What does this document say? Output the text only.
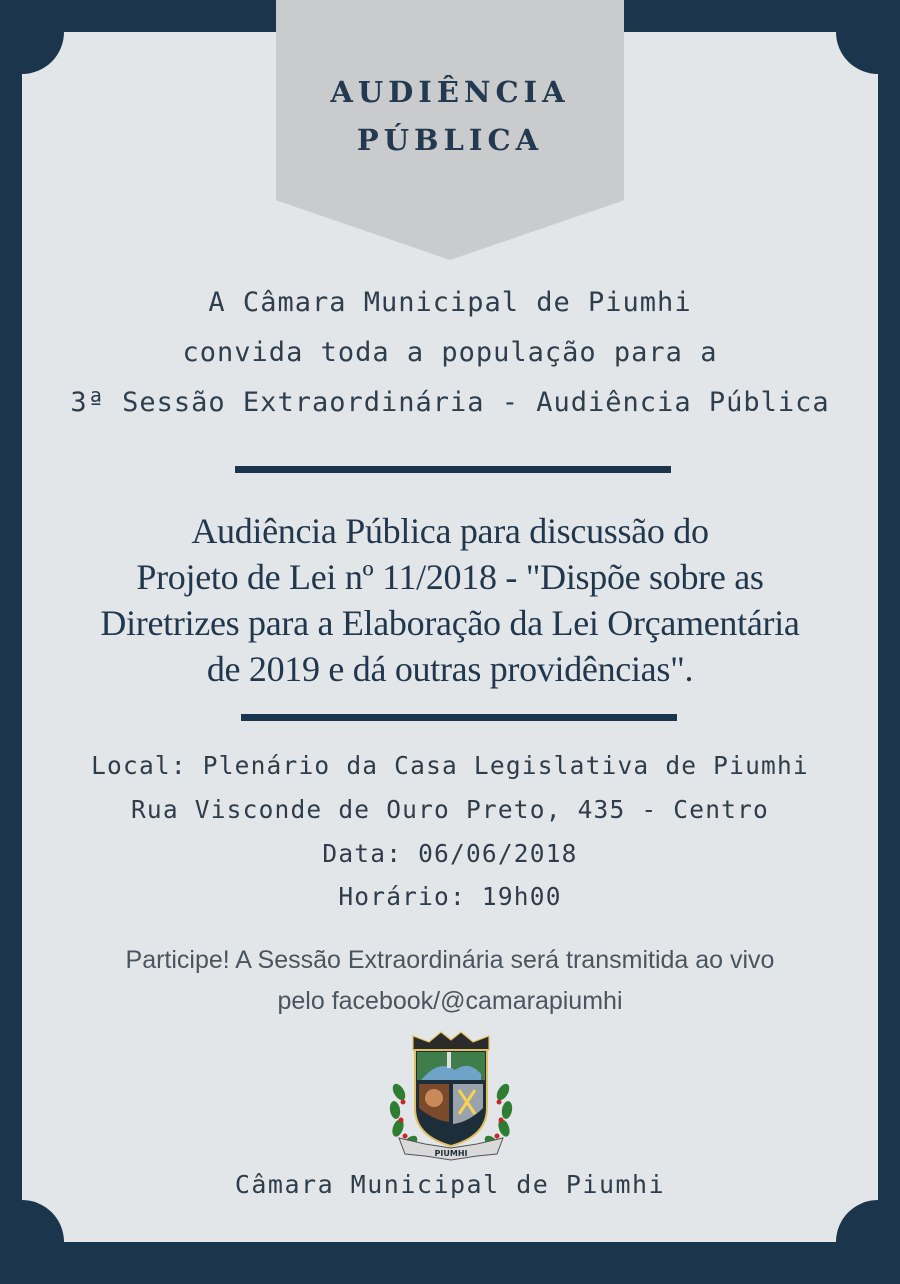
AUDIÊNCIA
PÚBLICA
A Câmara Municipal de Piumhi
convida toda a população para a
3ª Sessão Extraordinária - Audiência Pública
Audiência Pública para discussão do
Projeto de Lei nº 11/2018 - "Dispõe sobre as
Diretrizes para a Elaboração da Lei Orçamentária
de 2019 e dá outras providências".
Local: Plenário da Casa Legislativa de Piumhi
Rua Visconde de Ouro Preto, 435 - Centro
Data: 06/06/2018
Horário: 19h00
Participe! A Sessão Extraordinária será transmitida ao vivo
pelo facebook/@camarapiumhi
PIUMHI
Câmara Municipal de Piumhi
